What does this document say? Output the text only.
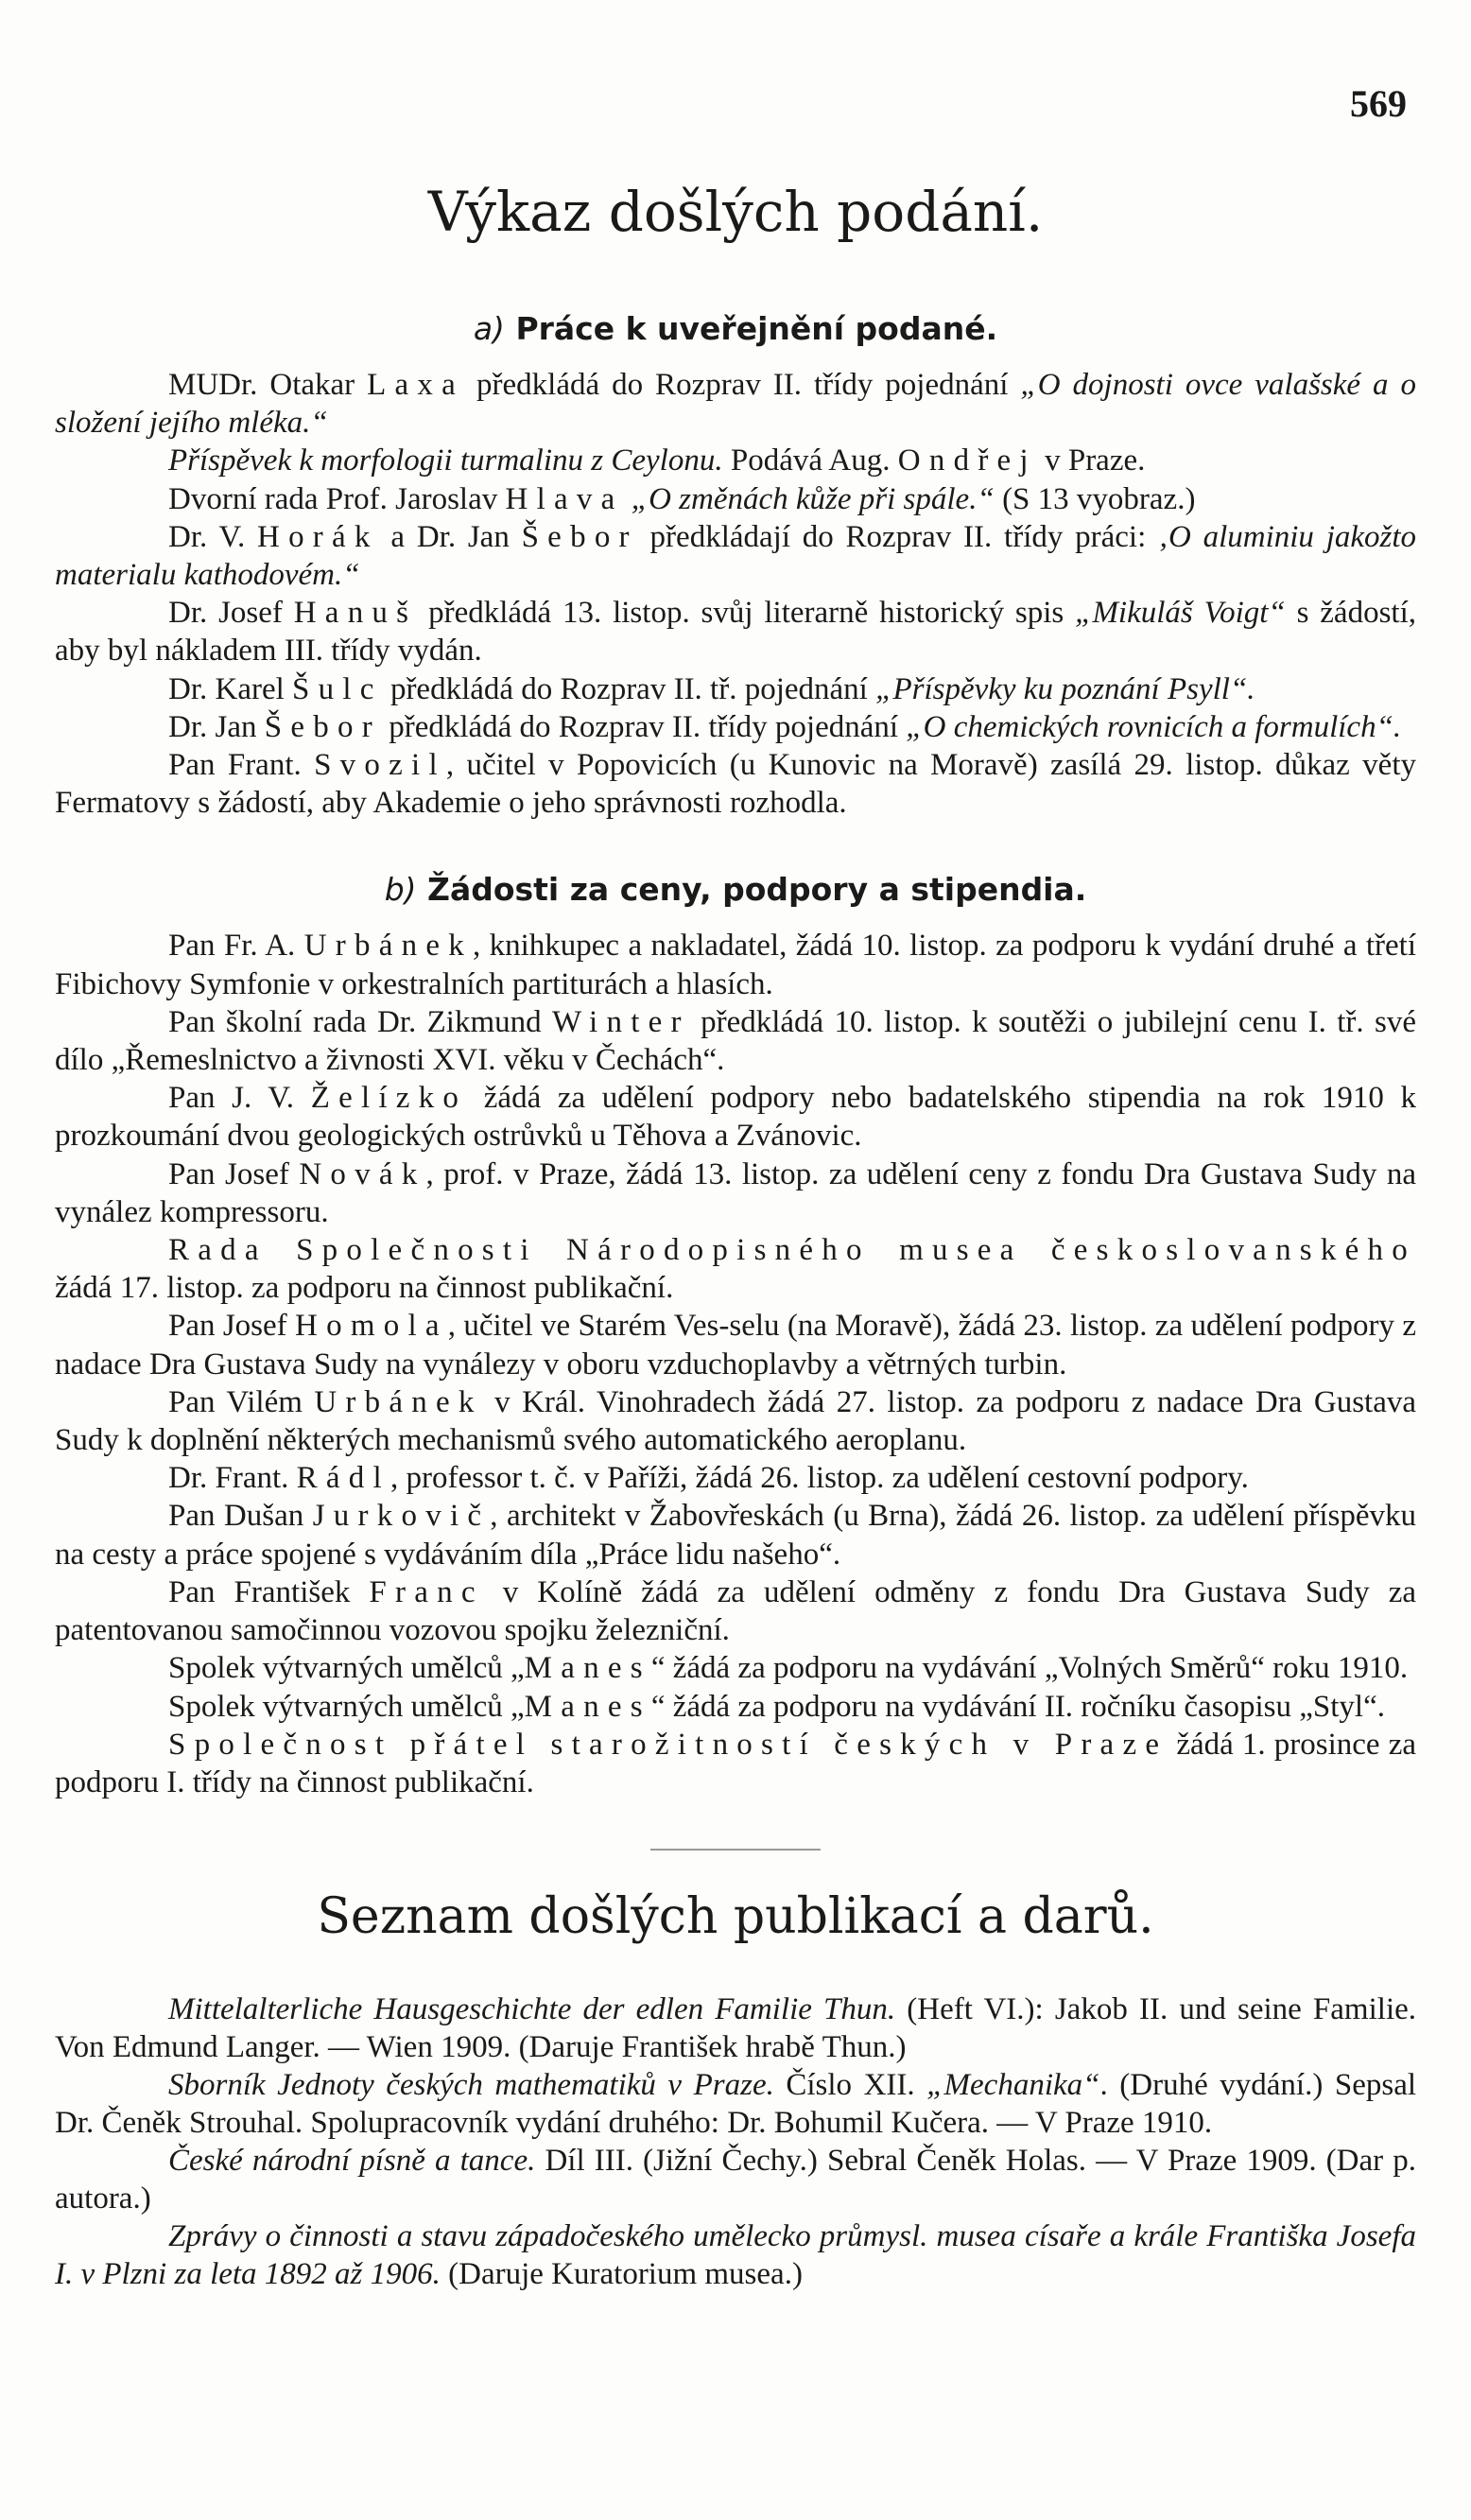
569
Výkaz došlých podání.
a) Práce k uveřejnění podané.

MUDr. Otakar Laxa předkládá do Rozprav II. třídy pojednání „O dojnosti ovce valašské a o složení jejího mléka.“

Příspěvek k morfologii turmalinu z Ceylonu. Podává Aug. Ondřej v Praze.

Dvorní rada Prof. Jaroslav Hlava „O změnách kůže při spále.“ (S 13 vyobraz.)

Dr. V. Horák a Dr. Jan Šebor předkládají do Rozprav II. třídy práci: ‚O aluminiu jakožto materialu kathodovém.“

Dr. Josef Hanuš předkládá 13. listop. svůj literarně historický spis „Mikuláš Voigt“ s žádostí, aby byl nákladem III. třídy vydán.

Dr. Karel Šulc předkládá do Rozprav II. tř. pojednání „Příspěvky ku poznání Psyll“.

Dr. Jan Šebor předkládá do Rozprav II. třídy pojednání „O chemických rovnicích a formulích“.

Pan Frant. Svozil, učitel v Popovicích (u Kunovic na Moravě) zasílá 29. listop. důkaz věty Fermatovy s žádostí, aby Akademie o jeho správnosti rozhodla.

b) Žádosti za ceny, podpory a stipendia.

Pan Fr. A. Urbánek, knihkupec a nakladatel, žádá 10. listop. za podporu k vydání druhé a třetí Fibichovy Symfonie v orkestralních partiturách a hlasích.

Pan školní rada Dr. Zikmund Winter předkládá 10. listop. k soutěži o jubilejní cenu I. tř. své dílo „Řemeslnictvo a živnosti XVI. věku v Čechách“.

Pan J. V. Želízko žádá za udělení podpory nebo badatelského stipendia na rok 1910 k prozkoumání dvou geologických ostrůvků u Těhova a Zvánovic.

Pan Josef Novák, prof. v Praze, žádá 13. listop. za udělení ceny z fondu Dra Gustava Sudy na vynález kompressoru.

Rada Společnosti Národopisného musea českoslovanského žádá 17. listop. za podporu na činnost publikační.

Pan Josef Homola, učitel ve Starém Ves-selu (na Moravě), žádá 23. listop. za udělení podpory z nadace Dra Gustava Sudy na vynálezy v oboru vzduchoplavby a větrných turbin.

Pan Vilém Urbánek v Král. Vinohradech žádá 27. listop. za podporu z nadace Dra Gustava Sudy k doplnění některých mechanismů svého automatického aeroplanu.

Dr. Frant. Rádl, professor t. č. v Paříži, žádá 26. listop. za udělení cestovní podpory.

Pan Dušan Jurkovič, architekt v Žabovřeskách (u Brna), žádá 26. listop. za udělení příspěvku na cesty a práce spojené s vydáváním díla „Práce lidu našeho“.

Pan František Franc v Kolíně žádá za udělení odměny z fondu Dra Gustava Sudy za patentovanou samočinnou vozovou spojku železniční.

Spolek výtvarných umělců „Manes“ žádá za podporu na vydávání „Volných Směrů“ roku 1910.

Spolek výtvarných umělců „Manes“ žádá za podporu na vydávání II. ročníku časopisu „Styl“.

Společnost přátel starožitností českých v Praze žádá 1. prosince za podporu I. třídy na činnost publikační.

Seznam došlých publikací a darů.

Mittelalterliche Hausgeschichte der edlen Familie Thun. (Heft VI.): Jakob II. und seine Familie. Von Edmund Langer. — Wien 1909. (Daruje František hrabě Thun.)

Sborník Jednoty českých mathematiků v Praze. Číslo XII. „Mechanika“. (Druhé vydání.) Sepsal Dr. Čeněk Strouhal. Spolupracovník vydání druhého: Dr. Bohumil Kučera. — V Praze 1910.

České národní písně a tance. Díl III. (Jižní Čechy.) Sebral Čeněk Holas. — V Praze 1909. (Dar p. autora.)

Zprávy o činnosti a stavu západočeského umělecko průmysl. musea císaře a krále Františka Josefa I. v Plzni za leta 1892 až 1906. (Daruje Kuratorium musea.)
